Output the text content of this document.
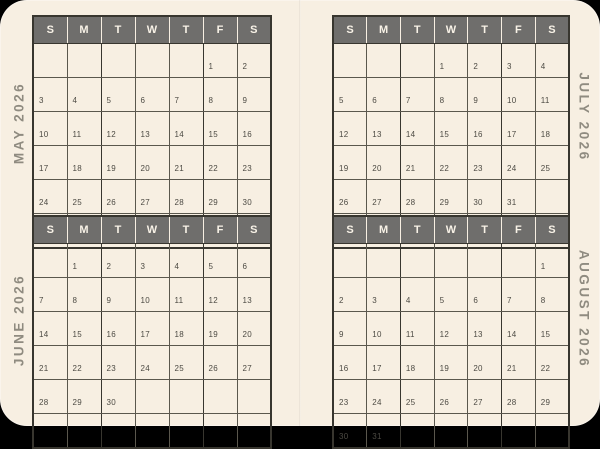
MAY 2026	JULY 2026
JUNE 2026	AUGUST 2026
S	M	T	W	T	F	S
					1	2
3	4	5	6	7	8	9
10	11	12	13	14	15	16
17	18	19	20	21	22	23
24	25	26	27	28	29	30

S	M	T	W	T	F	S
			1	2	3	4
5	6	7	8	9	10	11
12	13	14	15	16	17	18
19	20	21	22	23	24	25
26	27	28	29	30	31	

S	M	T	W	T	F	S
	1	2	3	4	5	6
7	8	9	10	11	12	13
14	15	16	17	18	19	20
21	22	23	24	25	26	27
28	29	30				

S	M	T	W	T	F	S
						1
2	3	4	5	6	7	8
9	10	11	12	13	14	15
16	17	18	19	20	21	22
23	24	25	26	27	28	29
30	31					
